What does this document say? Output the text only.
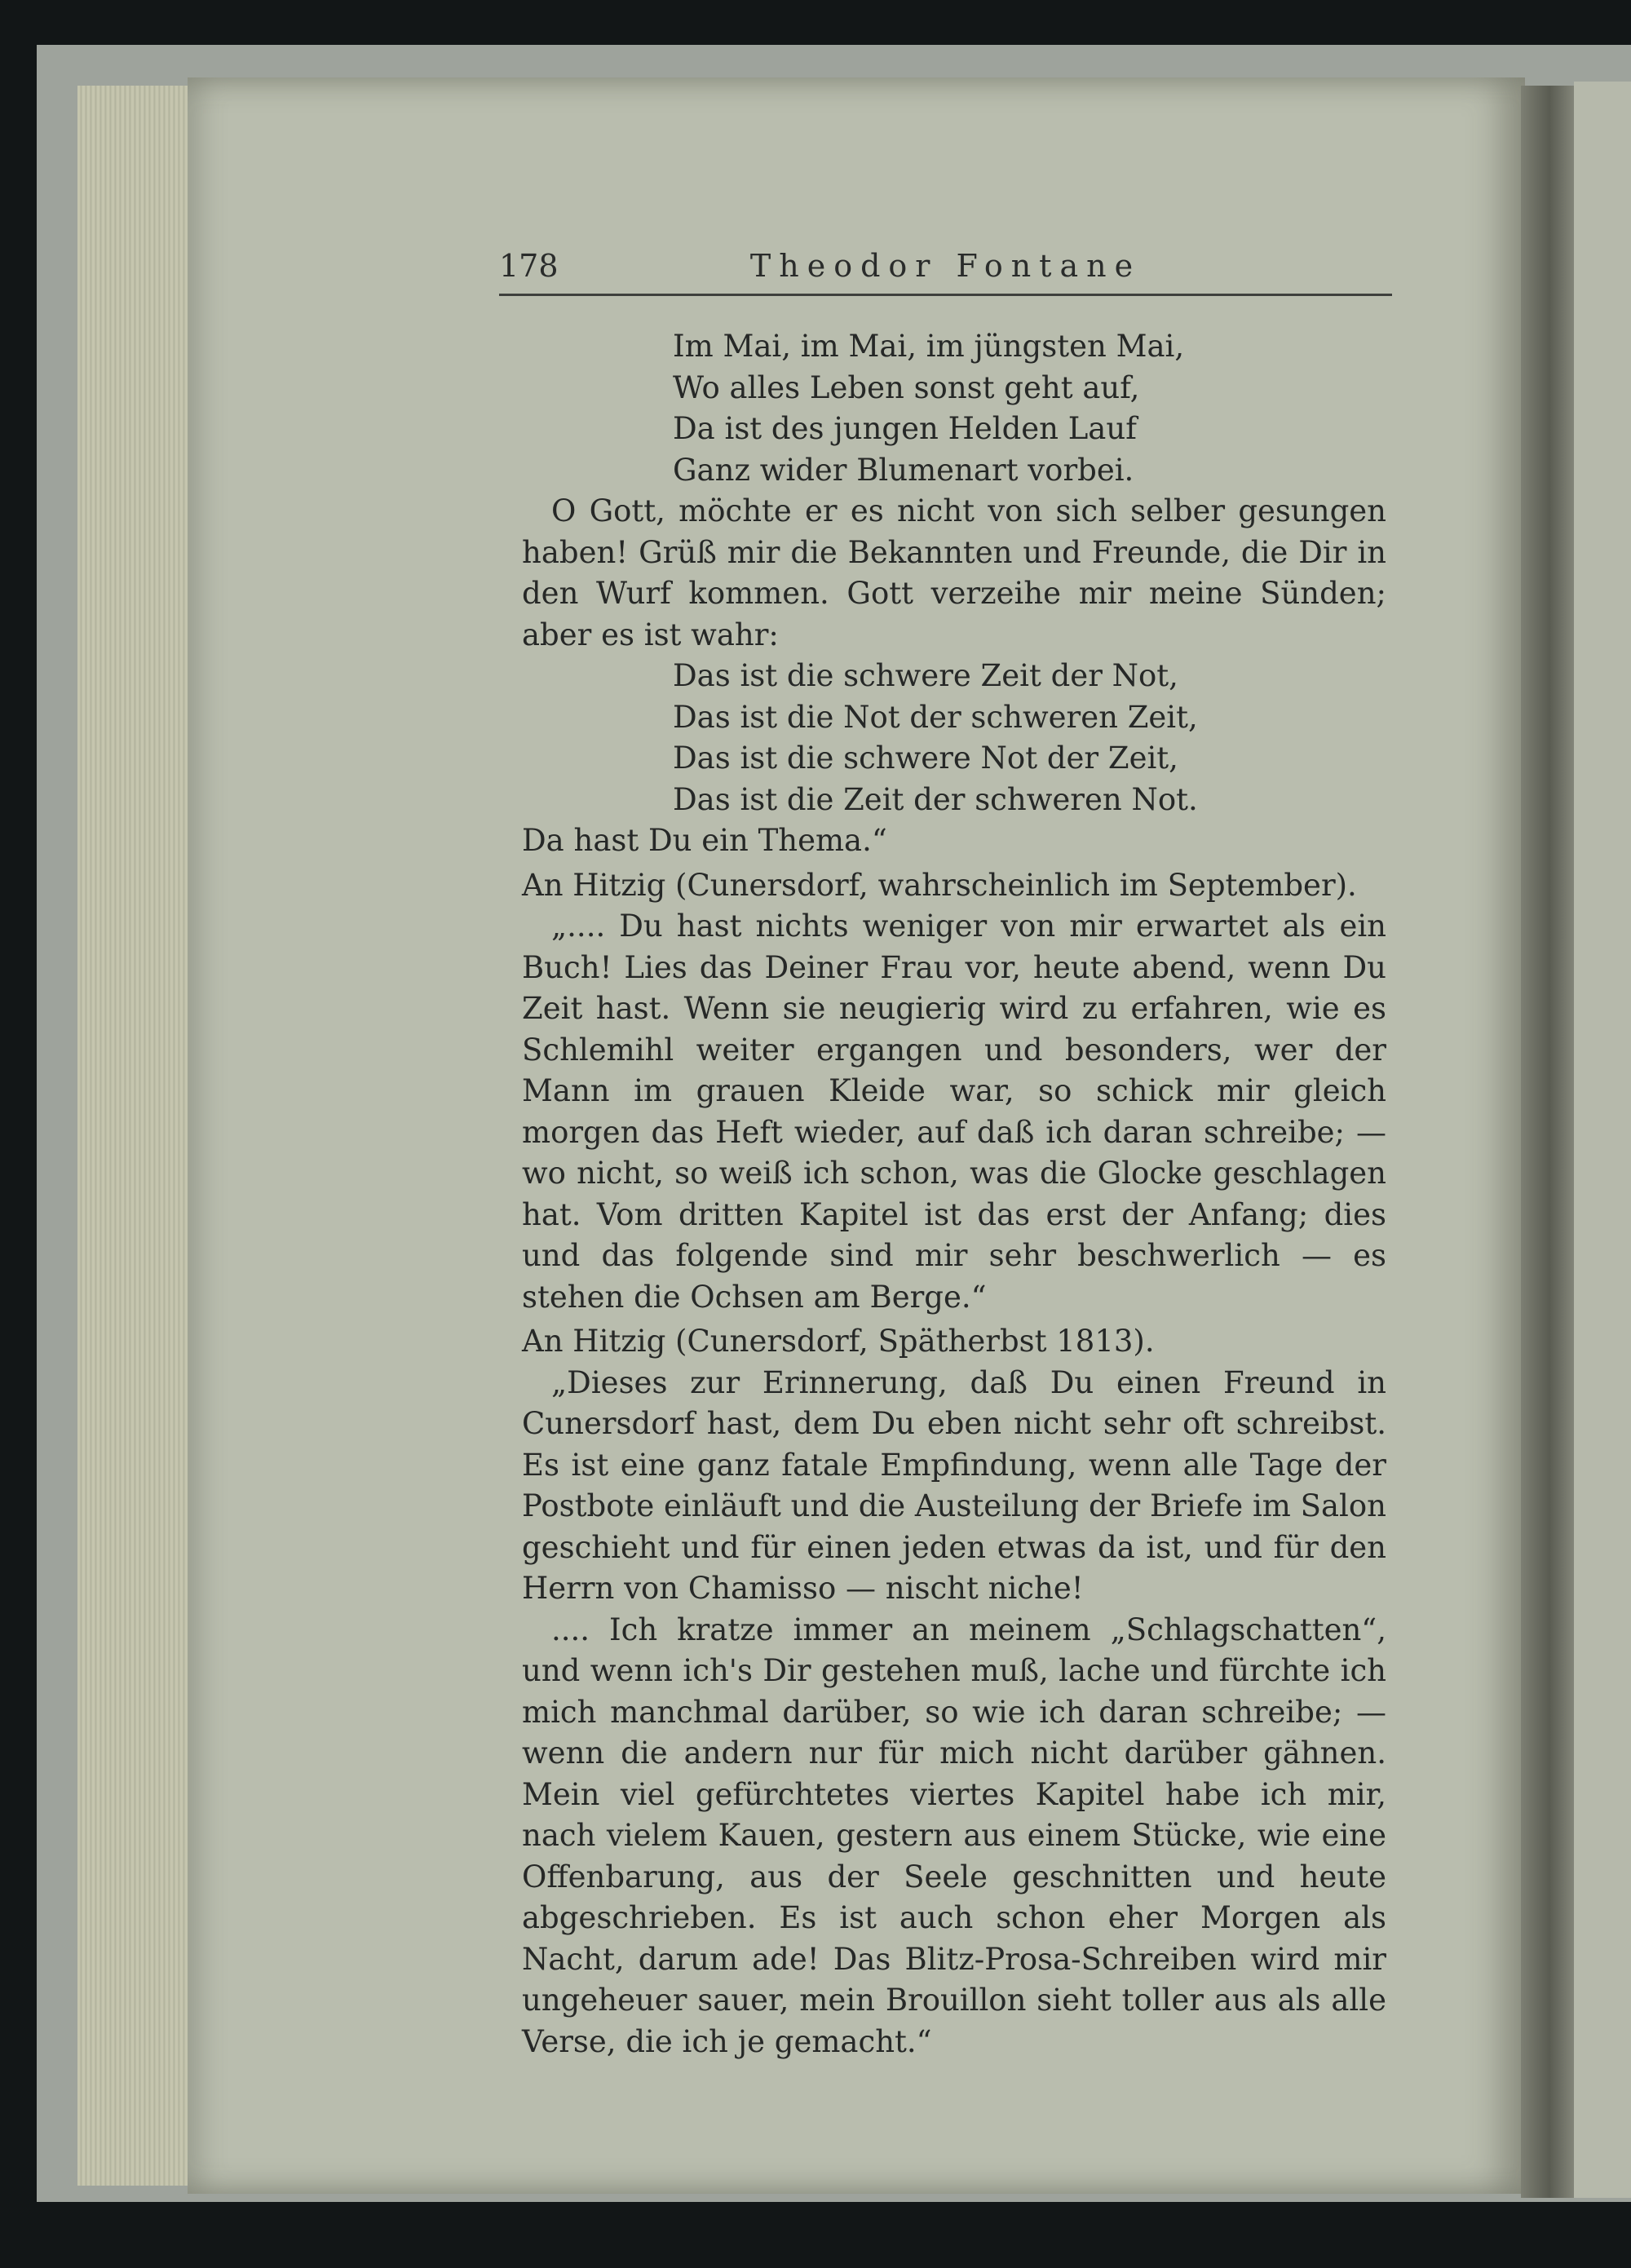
178	Theodor Fontane
Im Mai, im Mai, im jüngsten Mai,
Wo alles Leben sonst geht auf,
Da ist des jungen Helden Lauf
Ganz wider Blumenart vorbei.

O Gott, möchte er es nicht von sich selber gesungen haben! Grüß mir die Bekannten und Freunde, die Dir in den Wurf kommen. Gott verzeihe mir meine Sünden; aber es ist wahr:

Das ist die schwere Zeit der Not,
Das ist die Not der schweren Zeit,
Das ist die schwere Not der Zeit,
Das ist die Zeit der schweren Not.

Da hast Du ein Thema.“

An Hitzig (Cunersdorf, wahrscheinlich im September).

„.... Du hast nichts weniger von mir erwartet als ein Buch! Lies das Deiner Frau vor, heute abend, wenn Du Zeit hast. Wenn sie neugierig wird zu erfahren, wie es Schlemihl weiter ergangen und besonders, wer der Mann im grauen Kleide war, so schick mir gleich morgen das Heft wieder, auf daß ich daran schreibe; — wo nicht, so weiß ich schon, was die Glocke geschlagen hat. Vom dritten Kapitel ist das erst der Anfang; dies und das folgende sind mir sehr beschwerlich — es stehen die Ochsen am Berge.“

An Hitzig (Cunersdorf, Spätherbst 1813).

„Dieses zur Erinnerung, daß Du einen Freund in Cunersdorf hast, dem Du eben nicht sehr oft schreibst. Es ist eine ganz fatale Empfindung, wenn alle Tage der Postbote einläuft und die Austeilung der Briefe im Salon geschieht und für einen jeden etwas da ist, und für den Herrn von Chamisso — nischt niche!

.... Ich kratze immer an meinem „Schlagschatten“, und wenn ich's Dir gestehen muß, lache und fürchte ich mich manchmal darüber, so wie ich daran schreibe; — wenn die andern nur für mich nicht darüber gähnen. Mein viel gefürchtetes viertes Kapitel habe ich mir, nach vielem Kauen, gestern aus einem Stücke, wie eine Offenbarung, aus der Seele geschnitten und heute abgeschrieben. Es ist auch schon eher Morgen als Nacht, darum ade! Das Blitz-Prosa-Schreiben wird mir ungeheuer sauer, mein Brouillon sieht toller aus als alle Verse, die ich je gemacht.“
